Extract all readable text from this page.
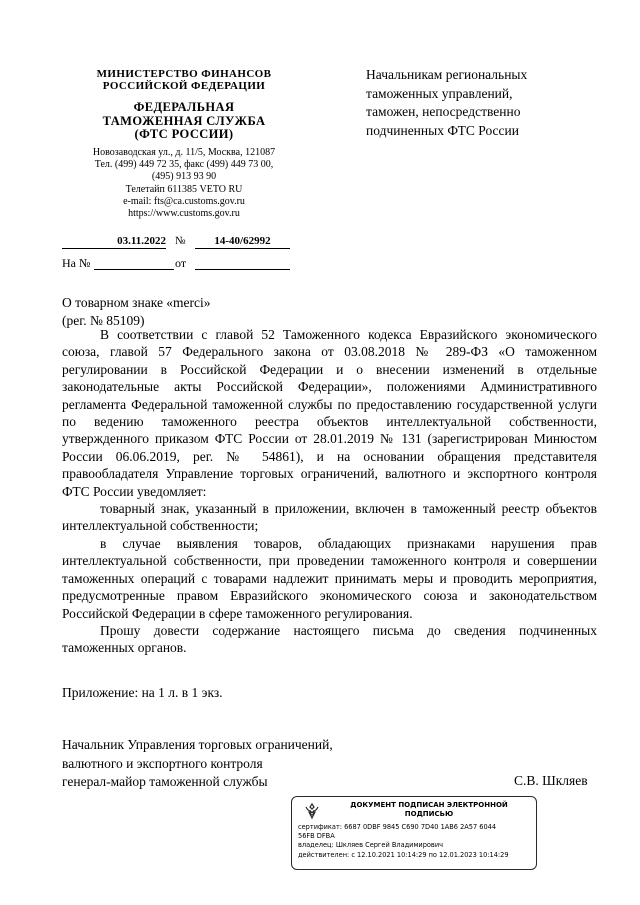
МИНИСТЕРСТВО ФИНАНСОВ
РОССИЙСКОЙ ФЕДЕРАЦИИ
ФЕДЕРАЛЬНАЯ
ТАМОЖЕННАЯ СЛУЖБА
(ФТС РОССИИ)
Новозаводская ул., д. 11/5, Москва, 121087
Тел. (499) 449 72 35, факс (499) 449 73 00,
(495) 913 93 90
Телетайп 611385 VETO RU
e-mail: fts@ca.customs.gov.ru
https://www.customs.gov.ru
03.11.2022 №	14-40/62992
На №	от
Начальникам региональных
таможенных управлений,
таможен, непосредственно
подчиненных ФТС России
О товарном знаке «merci»
(рег. № 85109)

В соответствии с главой 52 Таможенного кодекса Евразийского экономического союза, главой 57 Федерального закона от 03.08.2018 № 289-ФЗ «О таможенном регулировании в Российской Федерации и о внесении изменений в отдельные законодательные акты Российской Федерации», положениями Административного регламента Федеральной таможенной службы по предоставлению государственной услуги по ведению таможенного реестра объектов интеллектуальной собственности, утвержденного приказом ФТС России от 28.01.2019 № 131 (зарегистрирован Минюстом России 06.06.2019, рег. № 54861), и на основании обращения представителя правообладателя Управление торговых ограничений, валютного и экспортного контроля ФТС России уведомляет:

товарный знак, указанный в приложении, включен в таможенный реестр объектов интеллектуальной собственности;

в случае выявления товаров, обладающих признаками нарушения прав интеллектуальной собственности, при проведении таможенного контроля и совершении таможенных операций с товарами надлежит принимать меры и проводить мероприятия, предусмотренные правом Евразийского экономического союза и законодательством Российской Федерации в сфере таможенного регулирования.

Прошу довести содержание настоящего письма до сведения подчиненных таможенных органов.

Приложение: на 1 л. в 1 экз.
Начальник Управления торговых ограничений,
валютного и экспортного контроля
генерал-майор таможенной службы	С.В. Шкляев
ДОКУМЕНТ ПОДПИСАН ЭЛЕКТРОННОЙ
ПОДПИСЬЮ
сертификат: 6687 0DBF 9845 C690 7D40 1AB6 2A57 6044
56FB DFBA
владелец: Шкляев Сергей Владимирович
действителен: с 12.10.2021 10:14:29 по 12.01.2023 10:14:29
